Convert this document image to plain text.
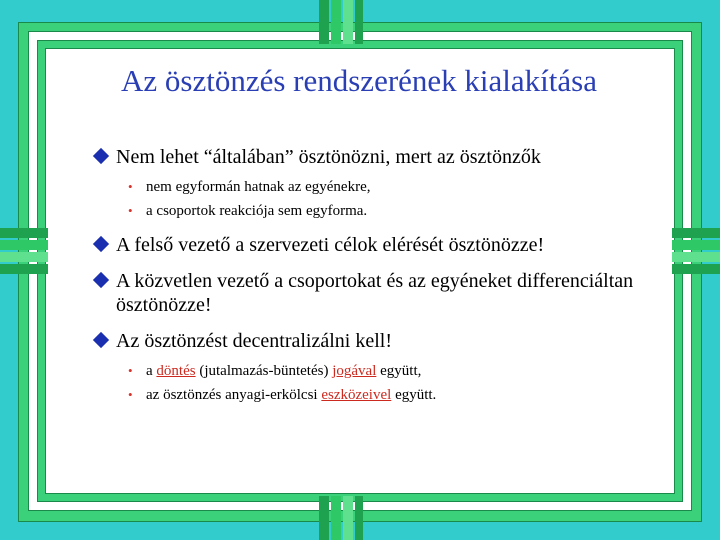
Az ösztönzés rendszerének kialakítása
Nem lehet “általában” ösztönözni, mert az ösztönzők
• nem egyformán hatnak az egyénekre,
• a csoportok reakciója sem egyforma.
A felső vezető a szervezeti célok elérését ösztönözze!
A közvetlen vezető a csoportokat és az egyéneket differenciáltan ösztönözze!
Az ösztönzést decentralizálni kell!
• a döntés (jutalmazás-büntetés) jogával együtt,
• az ösztönzés anyagi-erkölcsi eszközeivel együtt.
